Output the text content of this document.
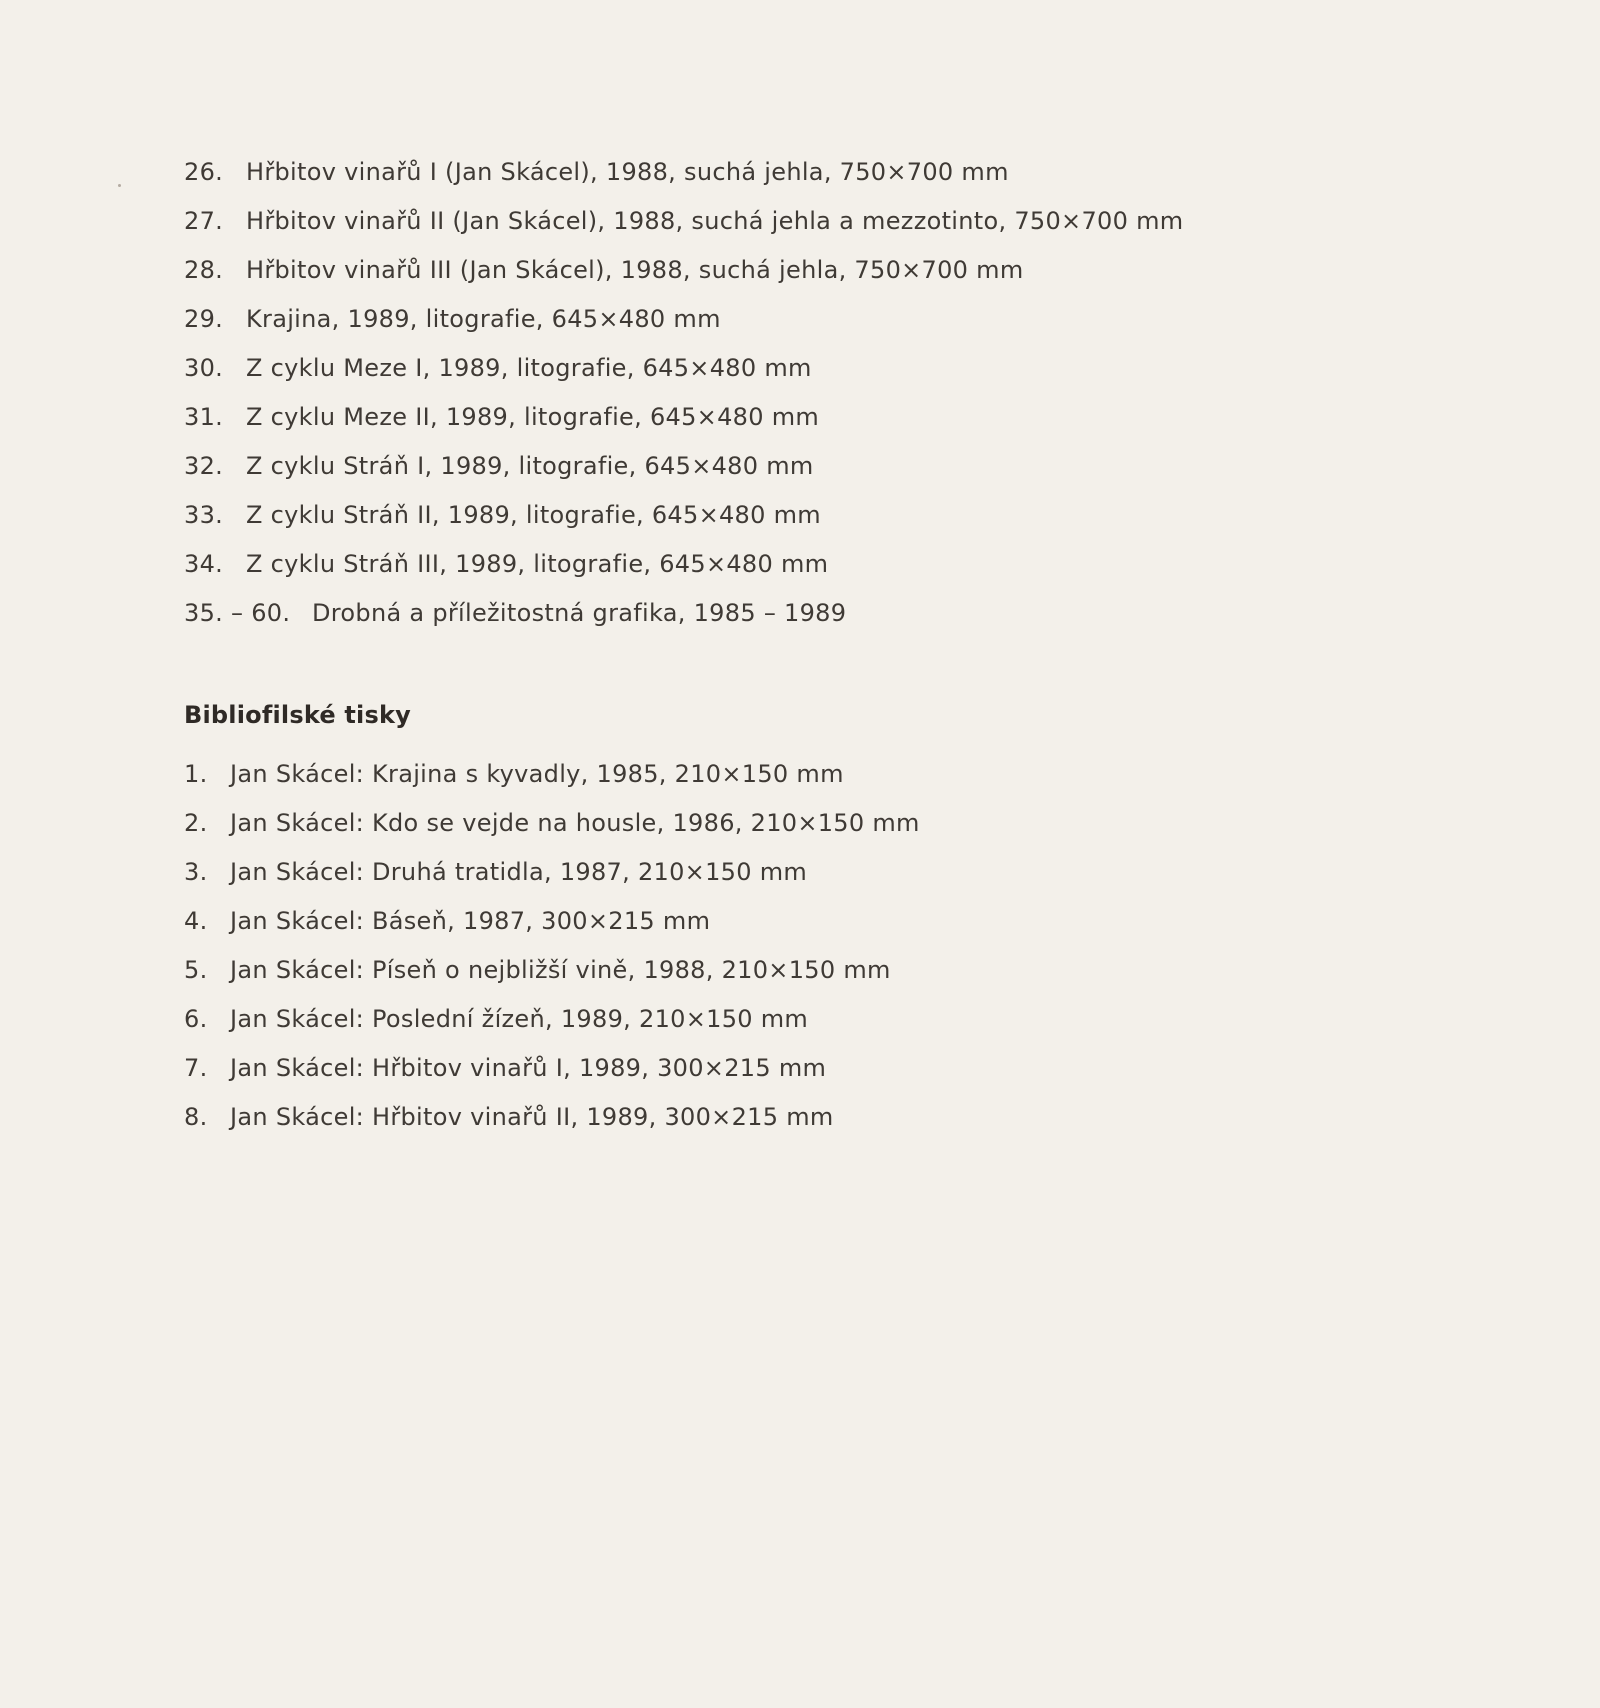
26. Hřbitov vinařů I (Jan Skácel), 1988, suchá jehla, 750×700 mm
27. Hřbitov vinařů II (Jan Skácel), 1988, suchá jehla a mezzotinto, 750×700 mm
28. Hřbitov vinařů III (Jan Skácel), 1988, suchá jehla, 750×700 mm
29. Krajina, 1989, litografie, 645×480 mm
30. Z cyklu Meze I, 1989, litografie, 645×480 mm
31. Z cyklu Meze II, 1989, litografie, 645×480 mm
32. Z cyklu Stráň I, 1989, litografie, 645×480 mm
33. Z cyklu Stráň II, 1989, litografie, 645×480 mm
34. Z cyklu Stráň III, 1989, litografie, 645×480 mm
35. – 60. Drobná a příležitostná grafika, 1985 – 1989
Bibliofilské tisky
1. Jan Skácel: Krajina s kyvadly, 1985, 210×150 mm
2. Jan Skácel: Kdo se vejde na housle, 1986, 210×150 mm
3. Jan Skácel: Druhá tratidla, 1987, 210×150 mm
4. Jan Skácel: Báseň, 1987, 300×215 mm
5. Jan Skácel: Píseň o nejbližší vině, 1988, 210×150 mm
6. Jan Skácel: Poslední žízeň, 1989, 210×150 mm
7. Jan Skácel: Hřbitov vinařů I, 1989, 300×215 mm
8. Jan Skácel: Hřbitov vinařů II, 1989, 300×215 mm
